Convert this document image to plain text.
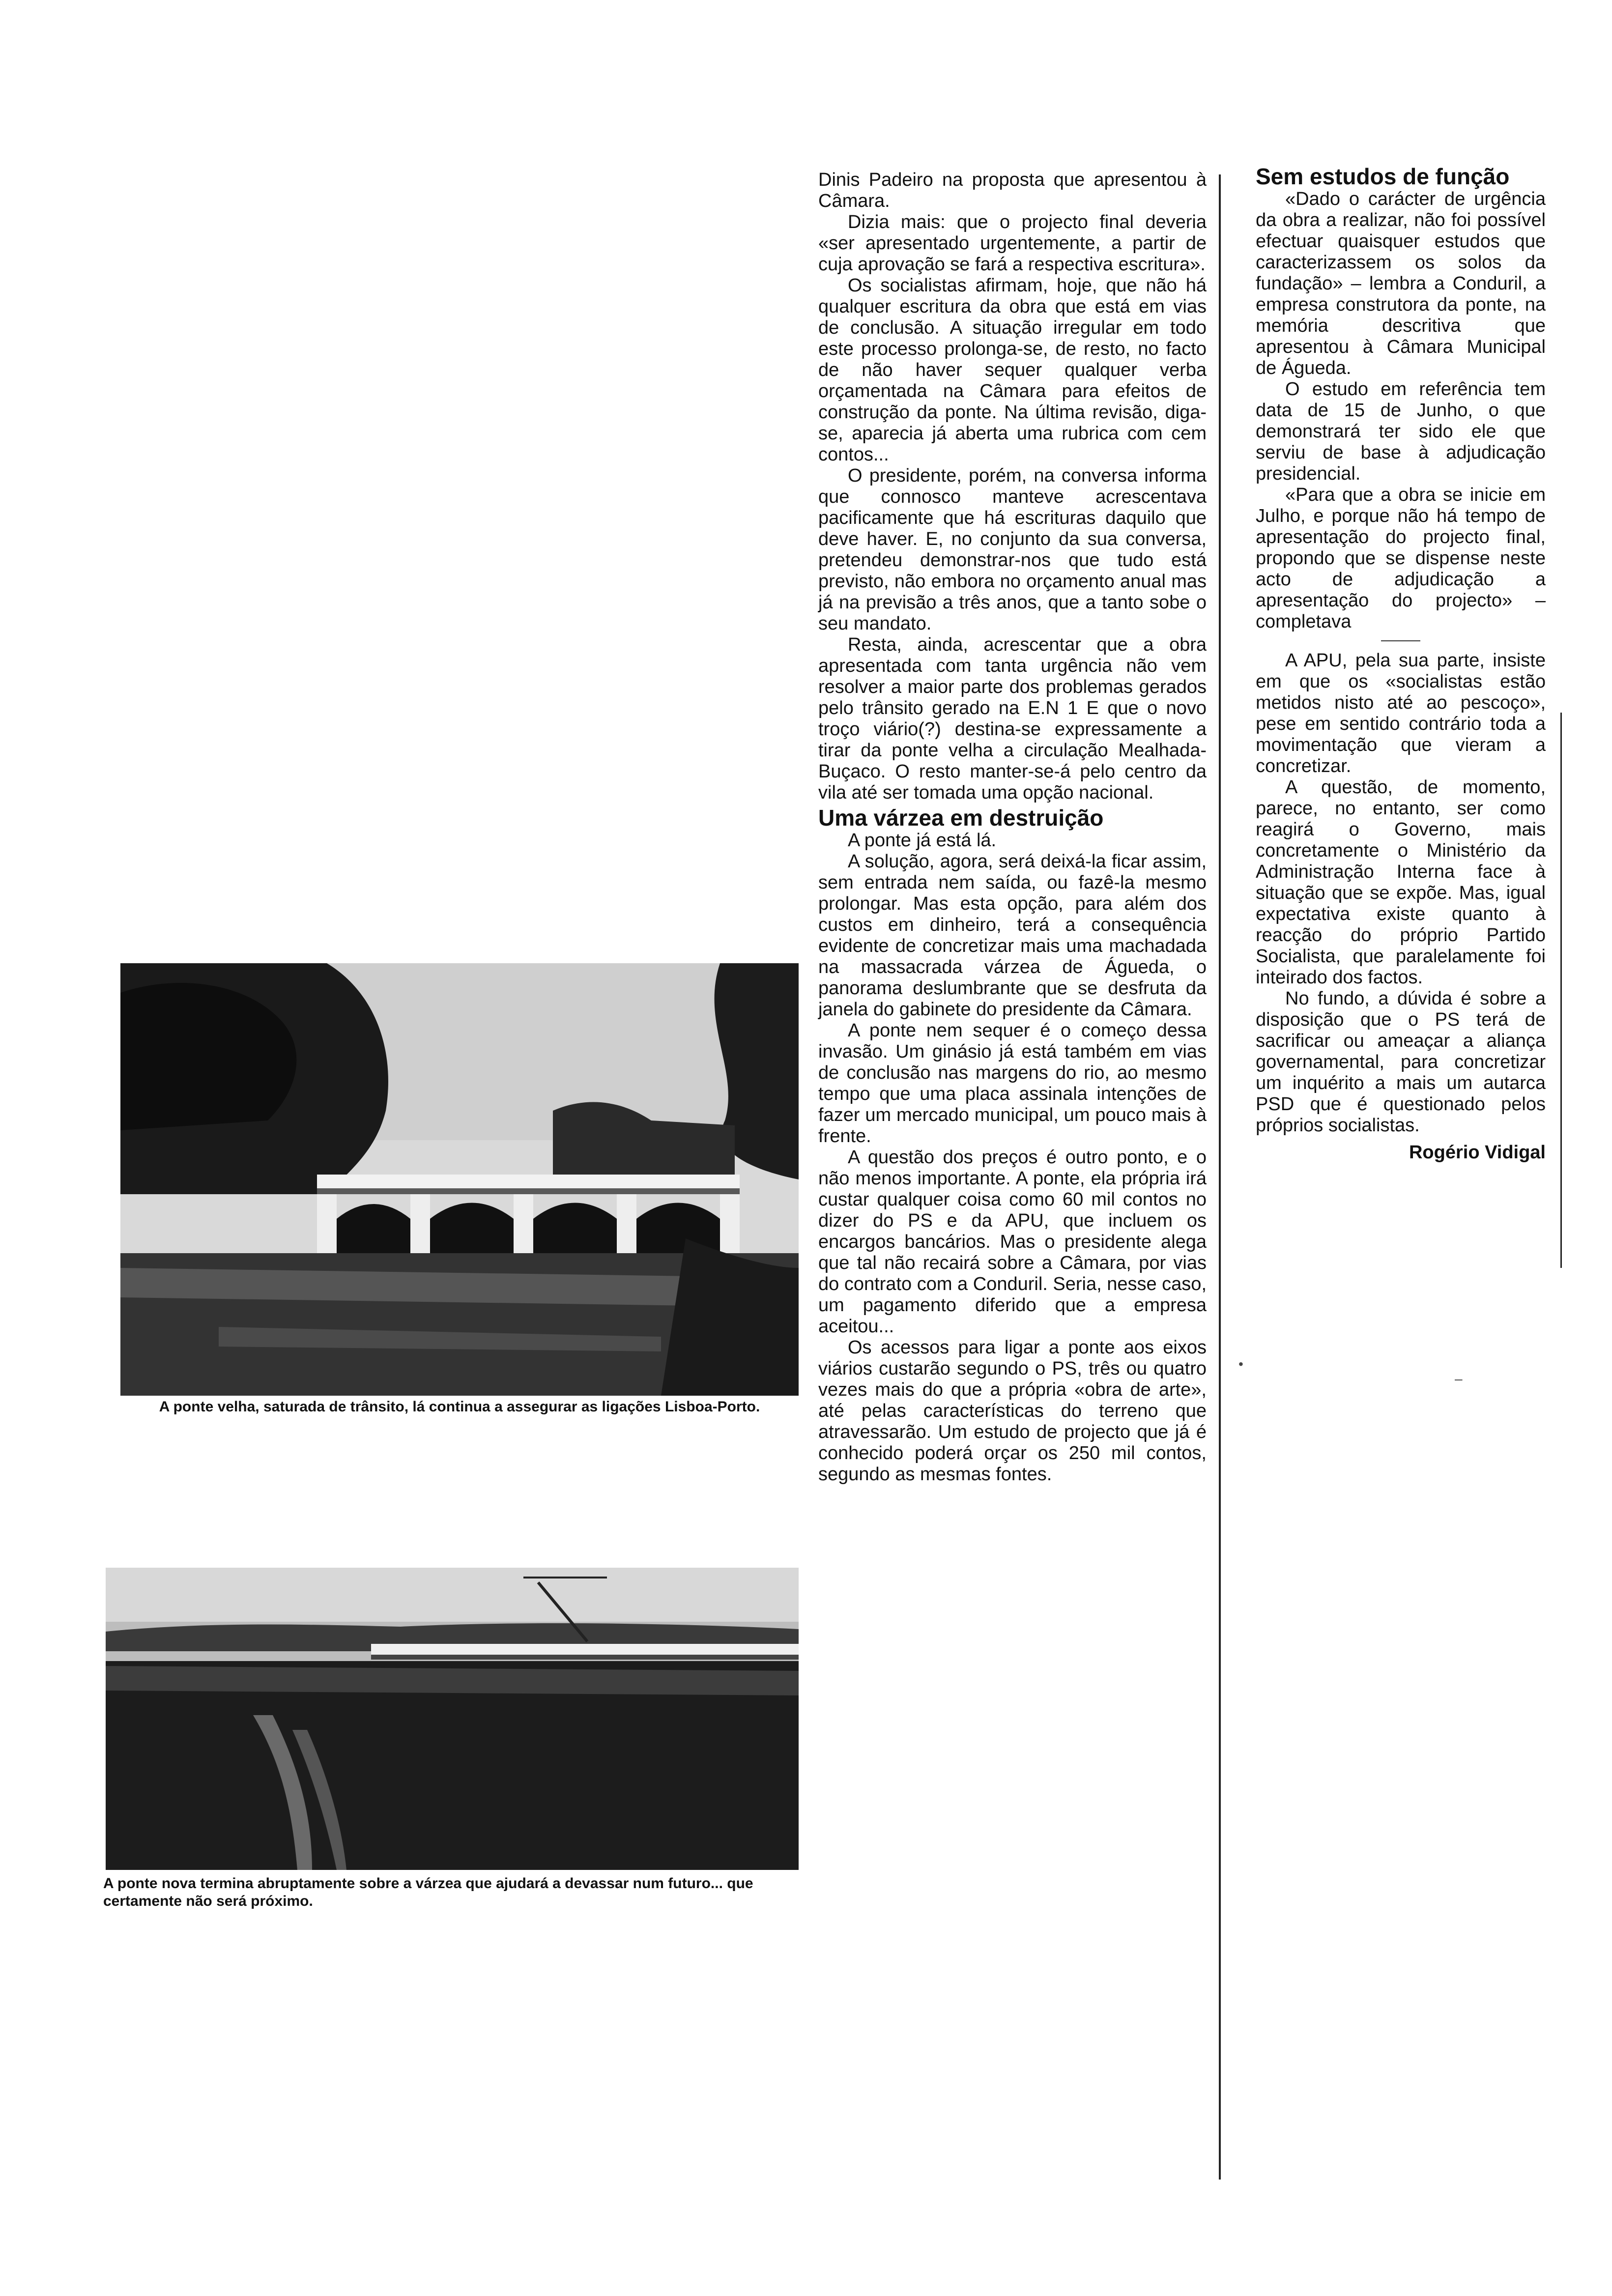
A ponte velha, saturada de trânsito, lá continua a assegurar as ligações Lisboa-Porto.
A ponte nova termina abruptamente sobre a várzea que ajudará a devassar num futuro... que certamente não será próximo.

Dinis Padeiro na proposta que apresentou à Câmara.

Dizia mais: que o projecto final deveria «ser apresentado urgentemente, a partir de cuja aprovação se fará a respectiva escritura».

Os socialistas afirmam, hoje, que não há qualquer escritura da obra que está em vias de conclusão. A situação irregular em todo este processo prolonga-se, de resto, no facto de não haver sequer qualquer verba orçamentada na Câmara para efeitos de construção da ponte. Na última revisão, diga-se, aparecia já aberta uma rubrica com cem contos...

O presidente, porém, na conversa informa que connosco manteve acrescentava pacificamente que há escrituras daquilo que deve haver. E, no conjunto da sua conversa, pretendeu demonstrar-nos que tudo está previsto, não embora no orçamento anual mas já na previsão a três anos, que a tanto sobe o seu mandato.

Resta, ainda, acrescentar que a obra apresentada com tanta urgência não vem resolver a maior parte dos problemas gerados pelo trânsito gerado na E.N 1 E que o novo troço viário(?) destina-se expressamente a tirar da ponte velha a circulação Mealhada-Buçaco. O resto manter-se-á pelo centro da vila até ser tomada uma opção nacional.

Uma várzea em destruição

A ponte já está lá.

A solução, agora, será deixá-la ficar assim, sem entrada nem saída, ou fazê-la mesmo prolongar. Mas esta opção, para além dos custos em dinheiro, terá a consequência evidente de concretizar mais uma machadada na massacrada várzea de Águeda, o panorama deslumbrante que se desfruta da janela do gabinete do presidente da Câmara.

A ponte nem sequer é o começo dessa invasão. Um ginásio já está também em vias de conclusão nas margens do rio, ao mesmo tempo que uma placa assinala intenções de fazer um mercado municipal, um pouco mais à frente.

A questão dos preços é outro ponto, e o não menos importante. A ponte, ela própria irá custar qualquer coisa como 60 mil contos no dizer do PS e da APU, que incluem os encargos bancários. Mas o presidente alega que tal não recairá sobre a Câmara, por vias do contrato com a Conduril. Seria, nesse caso, um pagamento diferido que a empresa aceitou...

Os acessos para ligar a ponte aos eixos viários custarão segundo o PS, três ou quatro vezes mais do que a própria «obra de arte», até pelas características do terreno que atravessarão. Um estudo de projecto que já é conhecido poderá orçar os 250 mil contos, segundo as mesmas fontes.

Sem estudos de função

«Dado o carácter de urgência da obra a realizar, não foi possível efectuar quaisquer estudos que caracterizassem os solos da fundação» – lembra a Conduril, a empresa construtora da ponte, na memória descritiva que apresentou à Câmara Municipal de Águeda.

O estudo em referência tem data de 15 de Junho, o que demonstrará ter sido ele que serviu de base à adjudicação presidencial.

«Para que a obra se inicie em Julho, e porque não há tempo de apresentação do projecto final, propondo que se dispense neste acto de adjudicação a apresentação do projecto» – completava

A APU, pela sua parte, insiste em que os «socialistas estão metidos nisto até ao pescoço», pese em sentido contrário toda a movimentação que vieram a concretizar.

A questão, de momento, parece, no entanto, ser como reagirá o Governo, mais concretamente o Ministério da Administração Interna face à situação que se expõe. Mas, igual expectativa existe quanto à reacção do próprio Partido Socialista, que paralelamente foi inteirado dos factos.

No fundo, a dúvida é sobre a disposição que o PS terá de sacrificar ou ameaçar a aliança governamental, para concretizar um inquérito a mais um autarca PSD que é questionado pelos próprios socialistas.

Rogério Vidigal
•
–
